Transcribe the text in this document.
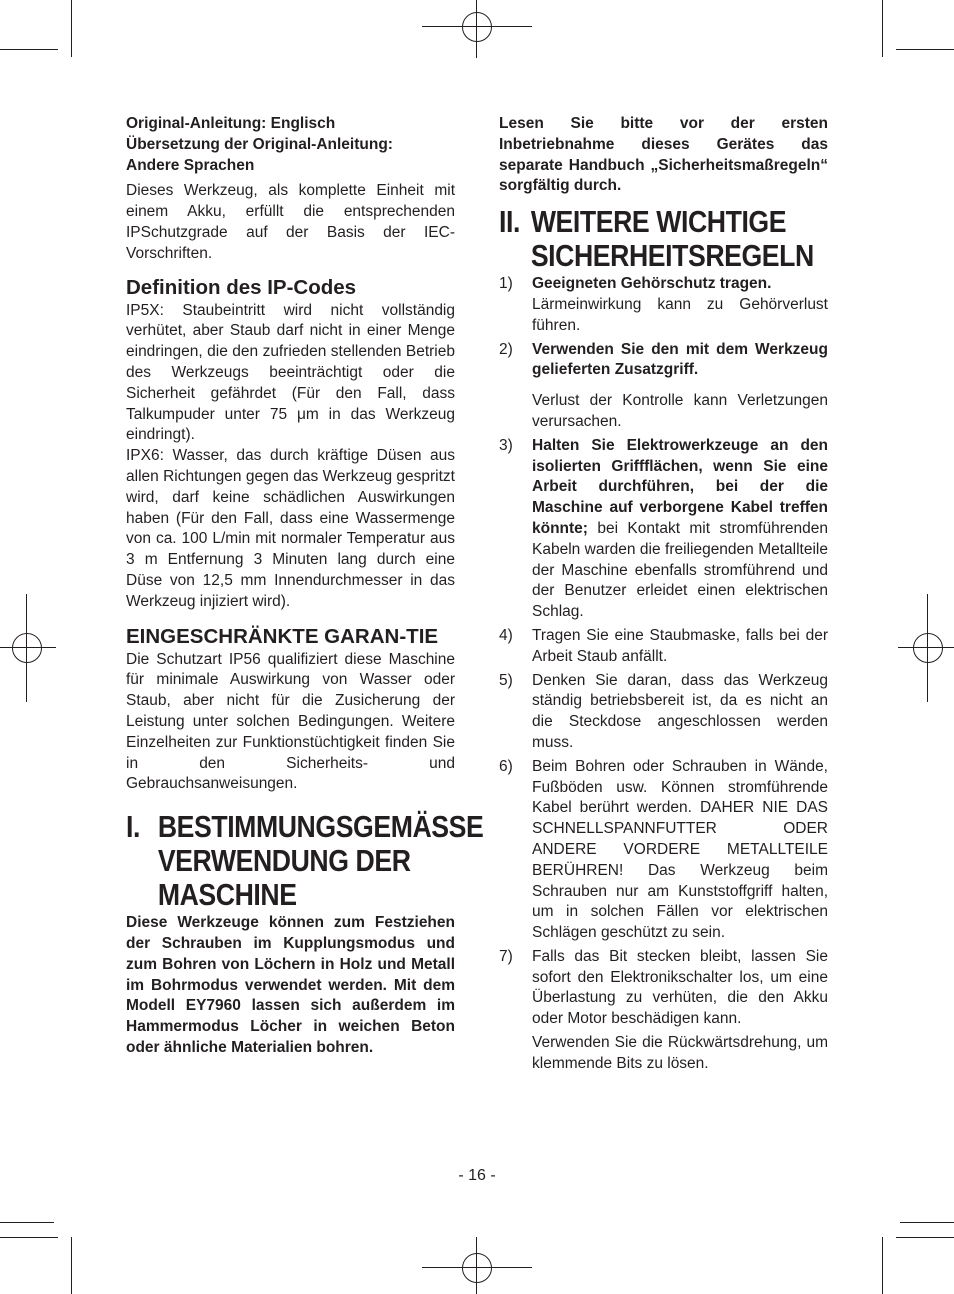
Original-Anleitung: Englisch

Übersetzung der Original-Anleitung:

Andere Sprachen

Dieses Werkzeug, als komplette Einheit mit einem Akku, erfüllt die entsprechenden IPSchutzgrade auf der Basis der IEC-Vorschriften.

Definition des IP-Codes

IP5X: Staubeintritt wird nicht vollständig verhütet, aber Staub darf nicht in einer Menge eindringen, die den zufrieden stellenden Betrieb des Werkzeugs beeinträchtigt oder die Sicherheit gefährdet (Für den Fall, dass Talkumpuder unter 75 μm in das Werkzeug eindringt).

IPX6: Wasser, das durch kräftige Düsen aus allen Richtungen gegen das Werkzeug gespritzt wird, darf keine schädlichen Auswirkungen haben (Für den Fall, dass eine Wassermenge von ca. 100 L/min mit normaler Temperatur aus 3 m Entfernung 3 Minuten lang durch eine Düse von 12,5 mm Innendurchmesser in das Werkzeug injiziert wird).

EINGESCHRÄNKTE GARAN-TIE

Die Schutzart IP56 qualifiziert diese Maschine für minimale Auswirkung von Wasser oder Staub, aber nicht für die Zusicherung der Leistung unter solchen Bedingungen. Weitere Einzelheiten zur Funktionstüchtigkeit finden Sie in den Sicherheits- und Gebrauchsanweisungen.

I. BESTIMMUNGSGEMÄSSE VERWENDUNG DER MASCHINE

Diese Werkzeuge können zum Festziehen der Schrauben im Kupplungsmodus und zum Bohren von Löchern in Holz und Metall im Bohrmodus verwendet werden. Mit dem Modell EY7960 lassen sich außerdem im Hammermodus Löcher in weichen Beton oder ähnliche Materialien bohren.

Lesen Sie bitte vor der ersten Inbetriebnahme dieses Gerätes das separate Handbuch „Sicherheitsmaßregeln“ sorgfältig durch.

II. WEITERE WICHTIGE SICHERHEITSREGELN
1)	Geeigneten Gehörschutz tragen.

Lärmeinwirkung kann zu Gehörverlust führen.

2)	Verwenden Sie den mit dem Werkzeug gelieferten Zusatzgriff.

Verlust der Kontrolle kann Verletzungen verursachen.

3)	Halten Sie Elektrowerkzeuge an den isolierten Griffflächen, wenn Sie eine Arbeit durchführen, bei der die Maschine auf verborgene Kabel treffen könnte; bei Kontakt mit stromführenden Kabeln warden die freiliegenden Metallteile der Maschine ebenfalls stromführend und der Benutzer erleidet einen elektrischen Schlag.

4)	Tragen Sie eine Staubmaske, falls bei der Arbeit Staub anfällt.

5)	Denken Sie daran, dass das Werkzeug ständig betriebsbereit ist, da es nicht an die Steckdose angeschlossen werden muss.

6)	Beim Bohren oder Schrauben in Wände, Fußböden usw. Können stromführende Kabel berührt werden. DAHER NIE DAS SCHNELLSPANNFUTTER ODER ANDERE VORDERE METALLTEILE BERÜHREN! Das Werkzeug beim Schrauben nur am Kunststoffgriff halten, um in solchen Fällen vor elektrischen Schlägen geschützt zu sein.

7)	Falls das Bit stecken bleibt, lassen Sie sofort den Elektronikschalter los, um eine Überlastung zu verhüten, die den Akku oder Motor beschädigen kann.

Verwenden Sie die Rückwärtsdrehung, um klemmende Bits zu lösen.

- 16 -
